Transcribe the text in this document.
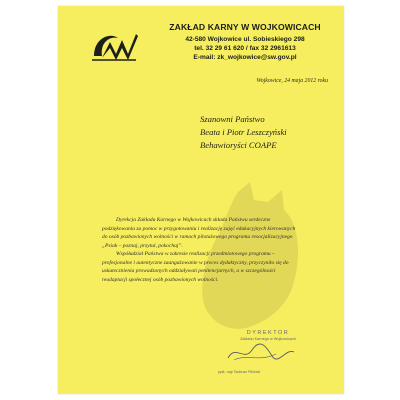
ZAKŁAD KARNY W WOJKOWICACH
42-580 Wojkowice ul. Sobieskiego 298
tel. 32 29 61 620 / fax 32 2961613
E-mail: zk_wojkowice@sw.gov.pl
Wojkowice, 24 maja 2012 roku
Szanowni Państwo
Beata i Piotr Leszczyński
Behawioryści COAPE

Dyrekcja Zakładu Karnego w Wojkowicach składa Państwu serdeczne
podziękowania za pomoc w przygotowaniu i realizację zajęć edukacyjnych kierowanych
do osób pozbawionych wolności w ramach pilotażowego programu resocjalizacyjnego
„Psiak – poznaj, przytul, pokochaj”.

Współudział Państwa w zakresie realizacji przedmiotowego programu –
profesjonalne i autentyczne zaangażowanie w proces dydaktyczny, przyczyniło się do
uskutecznienia prowadzonych oddziaływań penitencjarnych, a w szczególności
readaptacji społecznej osób pozbawionych wolności.

DYREKTOR
Zakładu Karnego w Wojkowicach
ppłk. mgr Tadeusz Pikiński
